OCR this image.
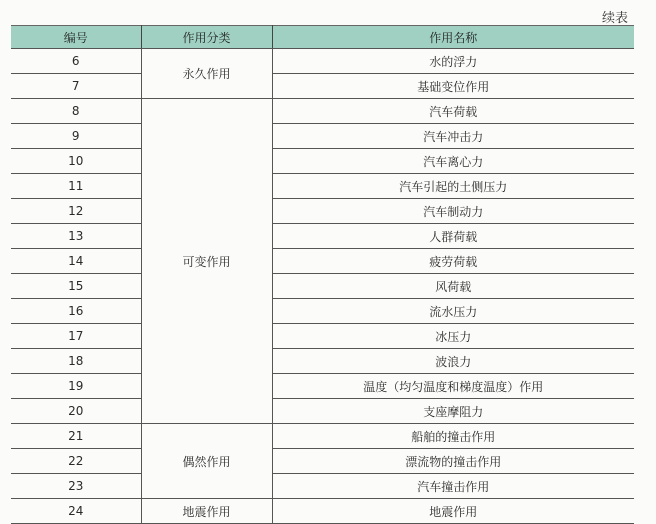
续表
编号	作用分类	作用名称
6	永久作用	水的浮力
7		基础变位作用
8	可变作用	汽车荷载
9		汽车冲击力
10		汽车离心力
11		汽车引起的土侧压力
12		汽车制动力
13		人群荷载
14		疲劳荷载
15		风荷载
16		流水压力
17		冰压力
18		波浪力
19		温度（均匀温度和梯度温度）作用
20		支座摩阻力
21	偶然作用	船舶的撞击作用
22		漂流物的撞击作用
23		汽车撞击作用
24	地震作用	地震作用
